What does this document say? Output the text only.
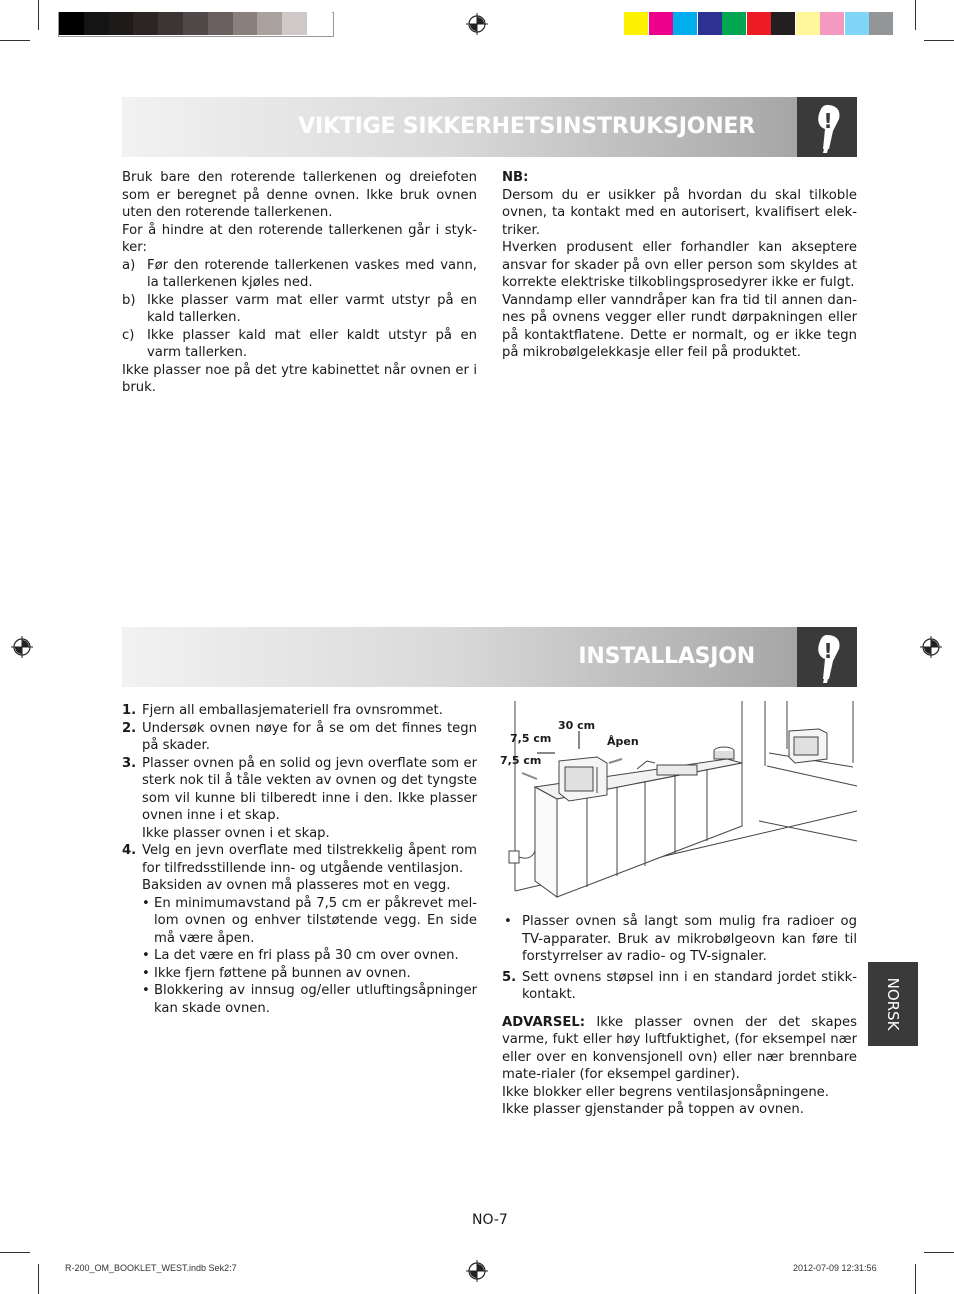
VIKTIGE SIKKERHETSINSTRUKSJONER	!

Bruk bare den roterende tallerkenen og dreiefoten som er beregnet på denne ovnen. Ikke bruk ovnen uten den roterende tallerkenen.

For å hindre at den roterende tallerkenen går i styk-ker:

a) Før den roterende tallerkenen vaskes med vann, la tallerkenen kjøles ned.
b) Ikke plasser varm mat eller varmt utstyr på en kald tallerken.
c) Ikke plasser kald mat eller kaldt utstyr på en varm tallerken.

Ikke plasser noe på det ytre kabinettet når ovnen er i bruk.

NB:

Dersom du er usikker på hvordan du skal tilkoble ovnen, ta kontakt med en autorisert, kvalifisert elek-triker.

Hverken produsent eller forhandler kan akseptere ansvar for skader på ovn eller person som skyldes at korrekte elektriske tilkoblingsprosedyrer ikke er fulgt.

Vanndamp eller vanndråper kan fra tid til annen dan-nes på ovnens vegger eller rundt dørpakningen eller på kontaktflatene. Dette er normalt, og er ikke tegn på mikrobølgelekkasje eller feil på produktet.

INSTALLASJON	!
1. Fjern all emballasjemateriell fra ovnsrommet.
2. Undersøk ovnen nøye for å se om det finnes tegn på skader.
3. Plasser ovnen på en solid og jevn overflate som er sterk nok til å tåle vekten av ovnen og det tyngste som vil kunne bli tilberedt inne i den. Ikke plasser ovnen inne i et skap.
Ikke plasser ovnen i et skap.
4. Velg en jevn overflate med tilstrekkelig åpent rom for tilfredsstillende inn- og utgående ventilasjon.
Baksiden av ovnen må plasseres mot en vegg.
• En minimumavstand på 7,5 cm er påkrevet mel-lom ovnen og enhver tilstøtende vegg. En side må være åpen.
• La det være en fri plass på 30 cm over ovnen.
• Ikke fjern føttene på bunnen av ovnen.
• Blokkering av innsug og/eller utluftingsåpninger kan skade ovnen.
30 cm
7,5 cm
7,5 cm
Åpen
• Plasser ovnen så langt som mulig fra radioer og TV-apparater. Bruk av mikrobølgeovn kan føre til forstyrrelser av radio- og TV-signaler.
5. Sett ovnens støpsel inn i en standard jordet stikk-kontakt.

ADVARSEL: Ikke plasser ovnen der det skapes varme, fukt eller høy luftfuktighet, (for eksempel nær eller over en konvensjonell ovn) eller nær brennbare mate-rialer (for eksempel gardiner).

Ikke blokker eller begrens ventilasjonsåpningene.

Ikke plasser gjenstander på toppen av ovnen.

NORSK
NO-7
R-200_OM_BOOKLET_WEST.indb Sek2:7	2012-07-09 12:31:56
